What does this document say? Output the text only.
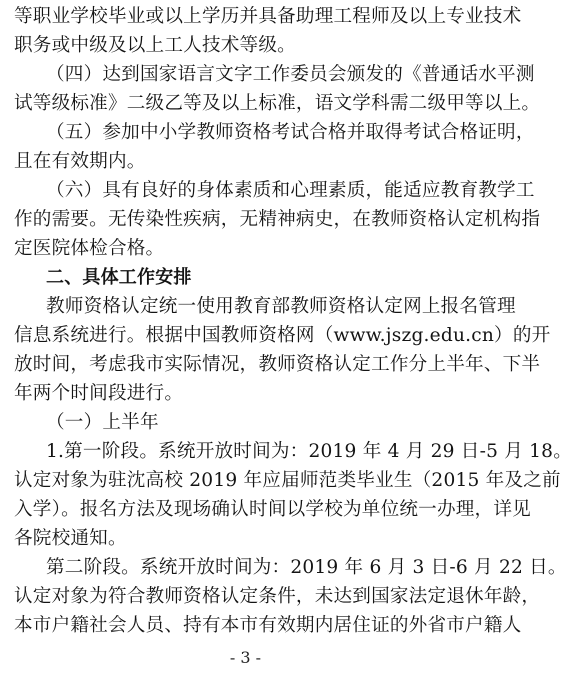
等职业学校毕业或以上学历并具备助理工程师及以上专业技术
职务或中级及以上工人技术等级。
（四）达到国家语言文字工作委员会颁发的《普通话水平测
试等级标准》二级乙等及以上标准，语文学科需二级甲等以上。
（五）参加中小学教师资格考试合格并取得考试合格证明，
且在有效期内。
（六）具有良好的身体素质和心理素质，能适应教育教学工
作的需要。无传染性疾病，无精神病史，在教师资格认定机构指
定医院体检合格。
二、具体工作安排
教师资格认定统一使用教育部教师资格认定网上报名管理
信息系统进行。根据中国教师资格网（www.jszg.edu.cn）的开
放时间，考虑我市实际情况，教师资格认定工作分上半年、下半
年两个时间段进行。
（一）上半年
1.第一阶段。系统开放时间为：2019 年 4 月 29 日-5 月 18。
认定对象为驻沈高校 2019 年应届师范类毕业生（2015 年及之前
入学）。报名方法及现场确认时间以学校为单位统一办理，详见
各院校通知。
第二阶段。系统开放时间为：2019 年 6 月 3 日-6 月 22 日。
- 3 -
认定对象为符合教师资格认定条件，未达到国家法定退休年龄，
本市户籍社会人员、持有本市有效期内居住证的外省市户籍人
